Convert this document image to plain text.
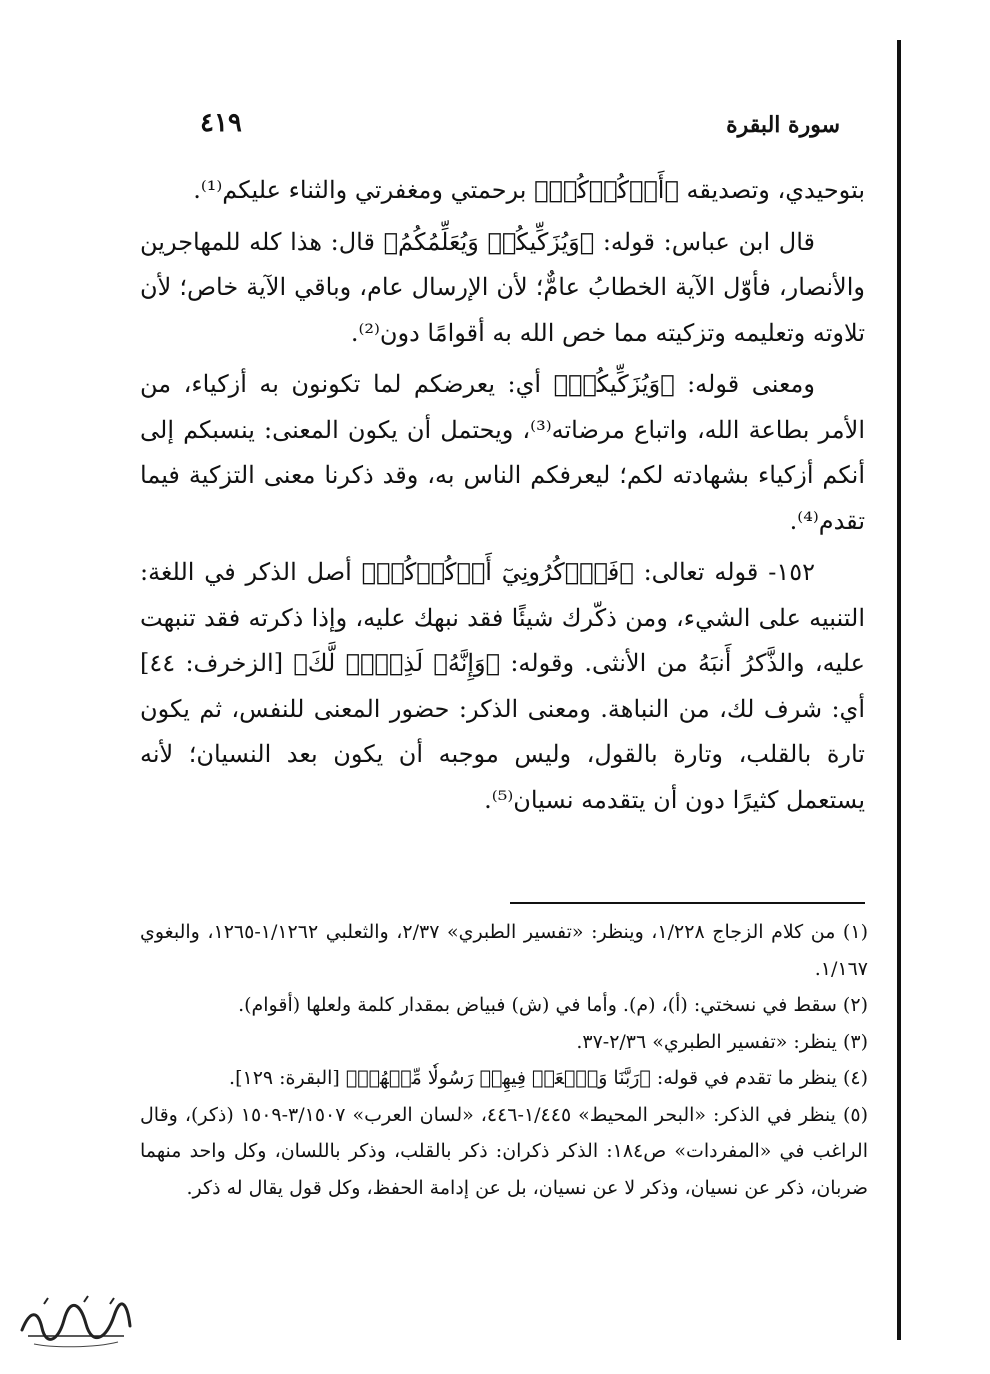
سورة البقرة
٤١٩

بتوحيدي، وتصديقه ﴿أَذۡكُرۡكُمۡ﴾ برحمتي ومغفرتي والثناء عليكم⁽¹⁾.

قال ابن عباس: قوله: ﴿وَيُزَكِّيكُمۡ وَيُعَلِّمُكُمُ﴾ قال: هذا كله للمهاجرين والأنصار، فأوّل الآية الخطابُ عامٌّ؛ لأن الإرسال عام، وباقي الآية خاص؛ لأن تلاوته وتعليمه وتزكيته مما خص الله به أقوامًا دون⁽²⁾.

ومعنى قوله: ﴿وَيُزَكِّيكُمۡ﴾ أي: يعرضكم لما تكونون به أزكياء، من الأمر بطاعة الله، واتباع مرضاته⁽³⁾، ويحتمل أن يكون المعنى: ينسبكم إلى أنكم أزكياء بشهادته لكم؛ ليعرفكم الناس به، وقد ذكرنا معنى التزكية فيما تقدم⁽⁴⁾.

١٥٢- قوله تعالى: ﴿فَٱذۡكُرُونِيٓ أَذۡكُرۡكُمۡ﴾ أصل الذكر في اللغة: التنبيه على الشيء، ومن ذكّرك شيئًا فقد نبهك عليه، وإذا ذكرته فقد تنبهت عليه، والذَّكرُ أَنبَهُ من الأنثى. وقوله: ﴿وَإِنَّهُۥ لَذِكۡرٞ لَّكَ﴾ [الزخرف: ٤٤] أي: شرف لك، من النباهة. ومعنى الذكر: حضور المعنى للنفس، ثم يكون تارة بالقلب، وتارة بالقول، وليس موجبه أن يكون بعد النسيان؛ لأنه يستعمل كثيرًا دون أن يتقدمه نسيان⁽⁵⁾.

(١) من كلام الزجاج ١/٢٢٨، وينظر: «تفسير الطبري» ٢/٣٧، والثعلبي ١/١٢٦٢-١٢٦٥، والبغوي ١/١٦٧.

(٢) سقط في نسختي: (أ)، (م). وأما في (ش) فبياض بمقدار كلمة ولعلها (أقوام).

(٣) ينظر: «تفسير الطبري» ٢/٣٦-٣٧.

(٤) ينظر ما تقدم في قوله: ﴿رَبَّنَا وَٱبۡعَثۡ فِيهِمۡ رَسُولٗا مِّنۡهُمۡ﴾ [البقرة: ١٢٩].

(٥) ينظر في الذكر: «البحر المحيط» ١/٤٤٥-٤٤٦، «لسان العرب» ٣/١٥٠٧-١٥٠٩ (ذكر)، وقال الراغب في «المفردات» ص١٨٤: الذكر ذكران: ذكر بالقلب، وذكر باللسان، وكل واحد منهما ضربان، ذكر عن نسيان، وذكر لا عن نسيان، بل عن إدامة الحفظ، وكل قول يقال له ذكر.
